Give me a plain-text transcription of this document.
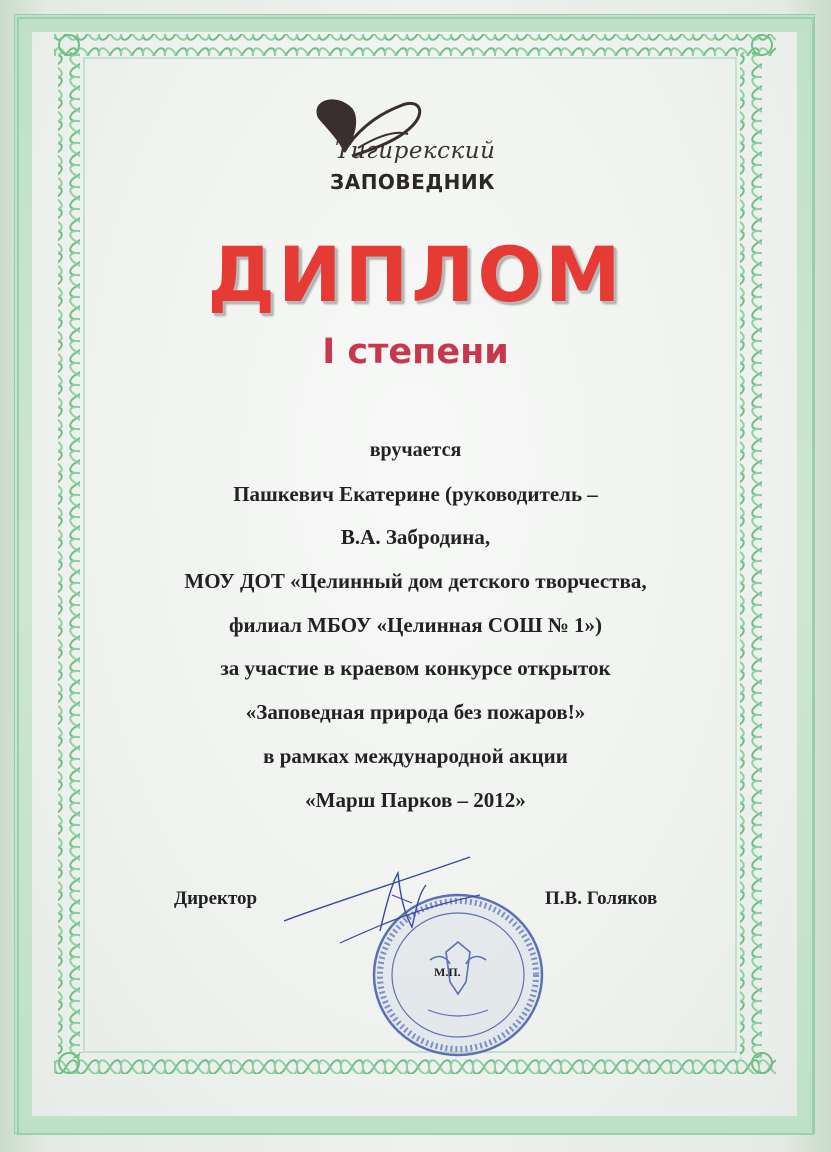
Тигирекский
ЗАПОВЕДНИК
ДИПЛОМ
I степени
вручается
Пашкевич Екатерине (руководитель –
В.А. Забродина,
МОУ ДОТ «Целинный дом детского творчества,
филиал МБОУ «Целинная СОШ № 1»)
за участие в краевом конкурсе открыток
«Заповедная природа без пожаров!»
в рамках международной акции
«Марш Парков – 2012»
Директор	П.В. Голяков
М.П.
